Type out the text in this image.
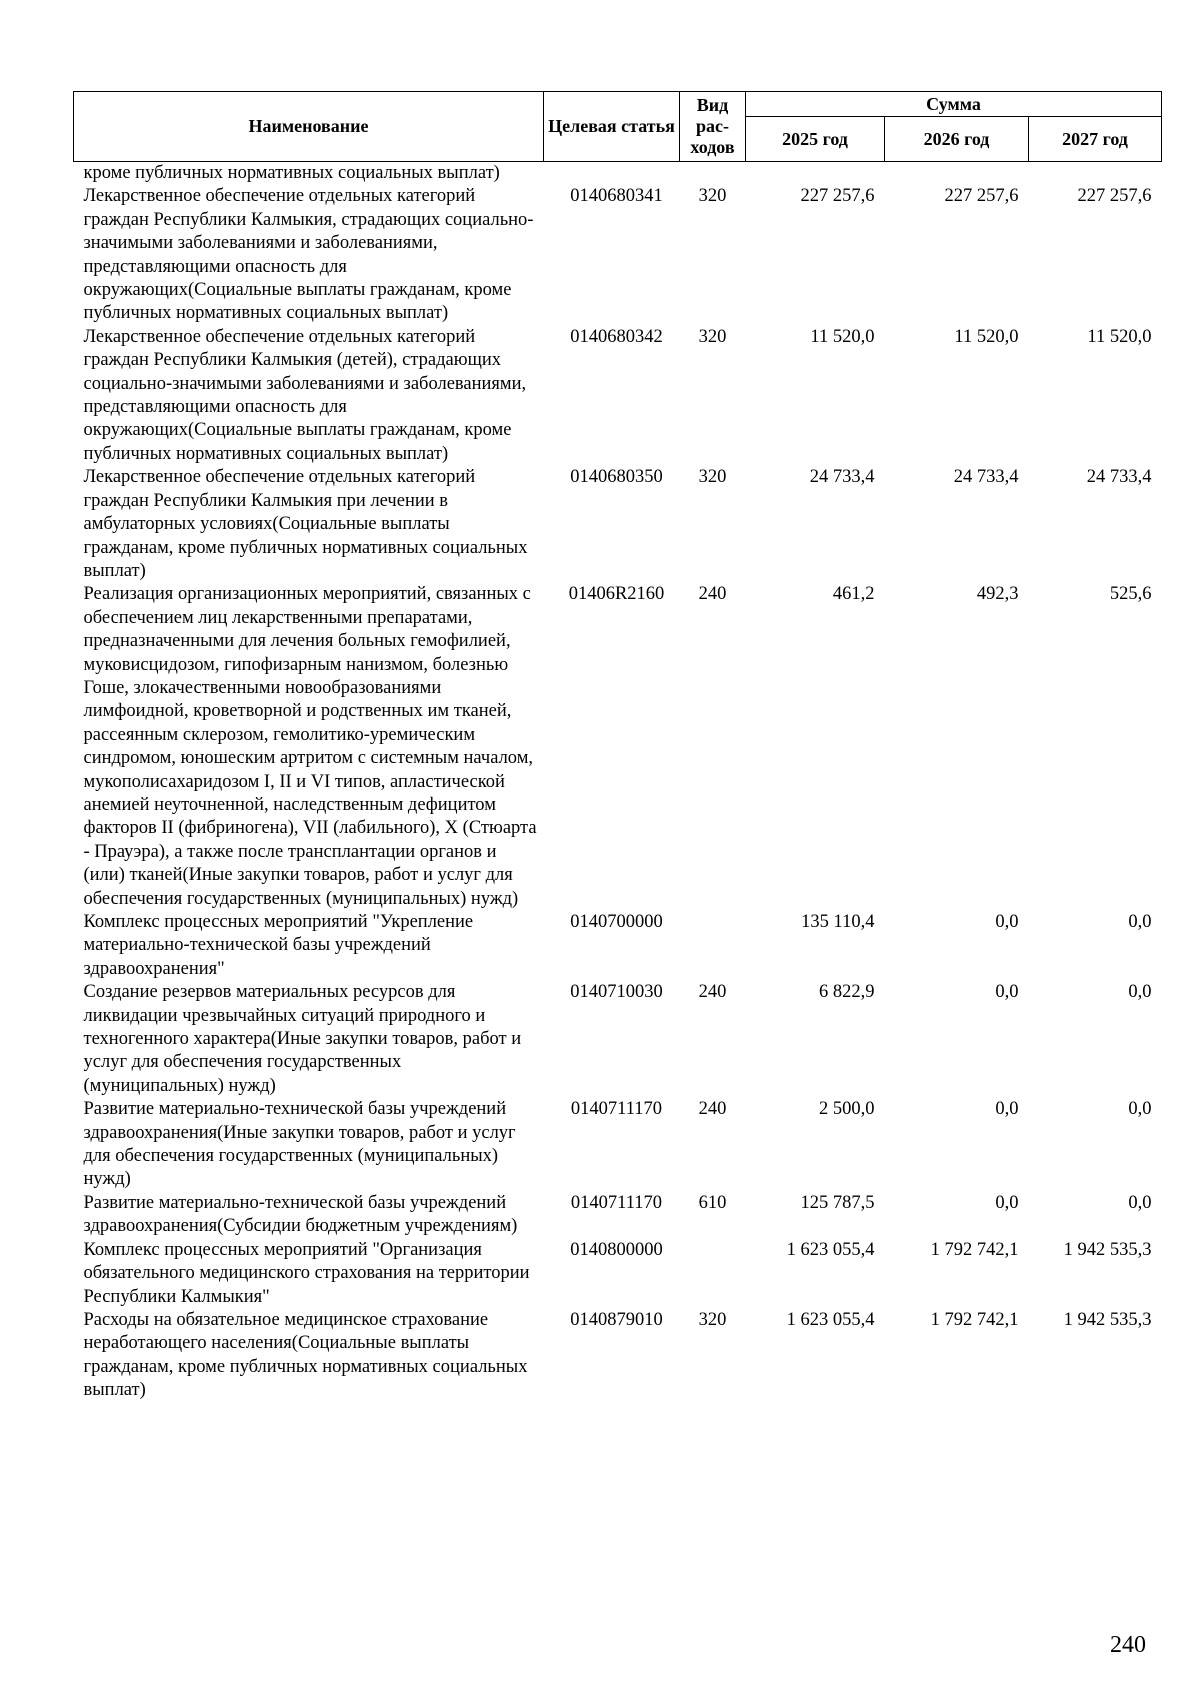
Наименование	Целевая статья	Вид рас-ходов	Сумма		
			2025 год	2026 год	2027 год
кроме публичных нормативных социальных выплат)					
Лекарственное обеспечение отдельных категорий граждан Республики Калмыкия, страдающих социально-значимыми заболеваниями и заболеваниями, представляющими опасность для окружающих(Социальные выплаты гражданам, кроме публичных нормативных социальных выплат)	0140680341	320	227 257,6	227 257,6	227 257,6
Лекарственное обеспечение отдельных категорий граждан Республики Калмыкия (детей), страдающих социально-значимыми заболеваниями и заболеваниями, представляющими опасность для окружающих(Социальные выплаты гражданам, кроме публичных нормативных социальных выплат)	0140680342	320	11 520,0	11 520,0	11 520,0
Лекарственное обеспечение отдельных категорий граждан Республики Калмыкия при лечении в амбулаторных условиях(Социальные выплаты гражданам, кроме публичных нормативных социальных выплат)	0140680350	320	24 733,4	24 733,4	24 733,4
Реализация организационных мероприятий, связанных с обеспечением лиц лекарственными препаратами, предназначенными для лечения больных гемофилией, муковисцидозом, гипофизарным нанизмом, болезнью Гоше, злокачественными новообразованиями лимфоидной, кроветворной и родственных им тканей, рассеянным склерозом, гемолитико-уремическим синдромом, юношеским артритом с системным началом, мукополисахаридозом I, II и VI типов, апластической анемией неуточненной, наследственным дефицитом факторов II (фибриногена), VII (лабильного), X (Стюарта - Прауэра), а также после трансплантации органов и (или) тканей(Иные закупки товаров, работ и услуг для обеспечения государственных (муниципальных) нужд)	01406R2160	240	461,2	492,3	525,6
Комплекс процессных мероприятий "Укрепление материально-технической базы учреждений здравоохранения"	0140700000		135 110,4	0,0	0,0
Создание резервов материальных ресурсов для ликвидации чрезвычайных ситуаций природного и техногенного характера(Иные закупки товаров, работ и услуг для обеспечения государственных (муниципальных) нужд)	0140710030	240	6 822,9	0,0	0,0
Развитие материально-технической базы учреждений здравоохранения(Иные закупки товаров, работ и услуг для обеспечения государственных (муниципальных) нужд)	0140711170	240	2 500,0	0,0	0,0
Развитие материально-технической базы учреждений здравоохранения(Субсидии бюджетным учреждениям)	0140711170	610	125 787,5	0,0	0,0
Комплекс процессных мероприятий "Организация обязательного медицинского страхования на территории Республики Калмыкия"	0140800000		1 623 055,4	1 792 742,1	1 942 535,3
Расходы на обязательное медицинское страхование неработающего населения(Социальные выплаты гражданам, кроме публичных нормативных социальных выплат)	0140879010	320	1 623 055,4	1 792 742,1	1 942 535,3
240
